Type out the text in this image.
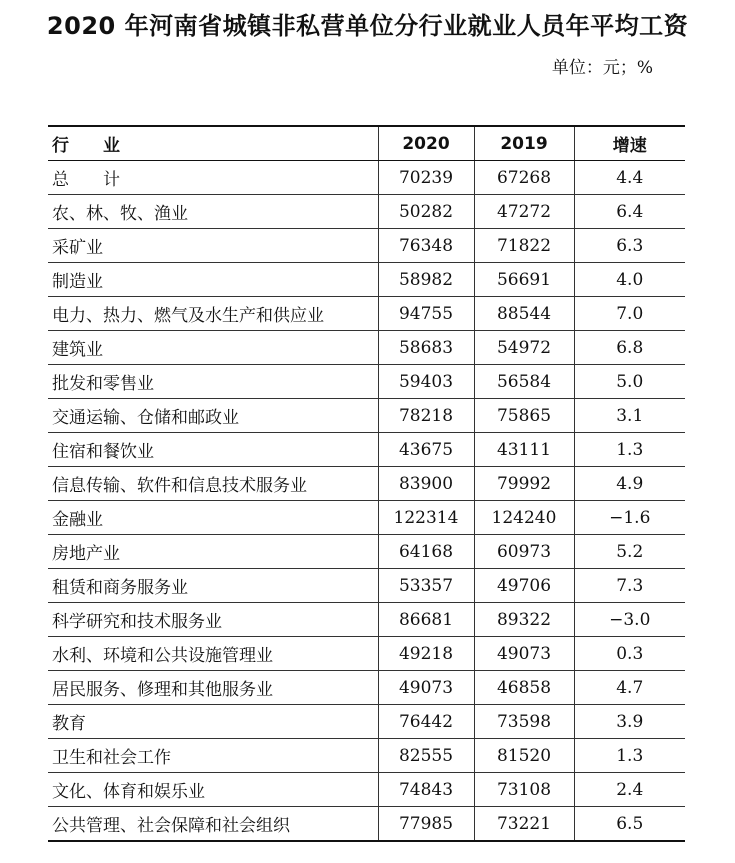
2020 年河南省城镇非私营单位分行业就业人员年平均工资
单位：元；%
行　　业	2020	2019	增速
总　　计	70239	67268	4.4
农、林、牧、渔业	50282	47272	6.4
采矿业	76348	71822	6.3
制造业	58982	56691	4.0
电力、热力、燃气及水生产和供应业	94755	88544	7.0
建筑业	58683	54972	6.8
批发和零售业	59403	56584	5.0
交通运输、仓储和邮政业	78218	75865	3.1
住宿和餐饮业	43675	43111	1.3
信息传输、软件和信息技术服务业	83900	79992	4.9
金融业	122314	124240	−1.6
房地产业	64168	60973	5.2
租赁和商务服务业	53357	49706	7.3
科学研究和技术服务业	86681	89322	−3.0
水利、环境和公共设施管理业	49218	49073	0.3
居民服务、修理和其他服务业	49073	46858	4.7
教育	76442	73598	3.9
卫生和社会工作	82555	81520	1.3
文化、体育和娱乐业	74843	73108	2.4
公共管理、社会保障和社会组织	77985	73221	6.5
